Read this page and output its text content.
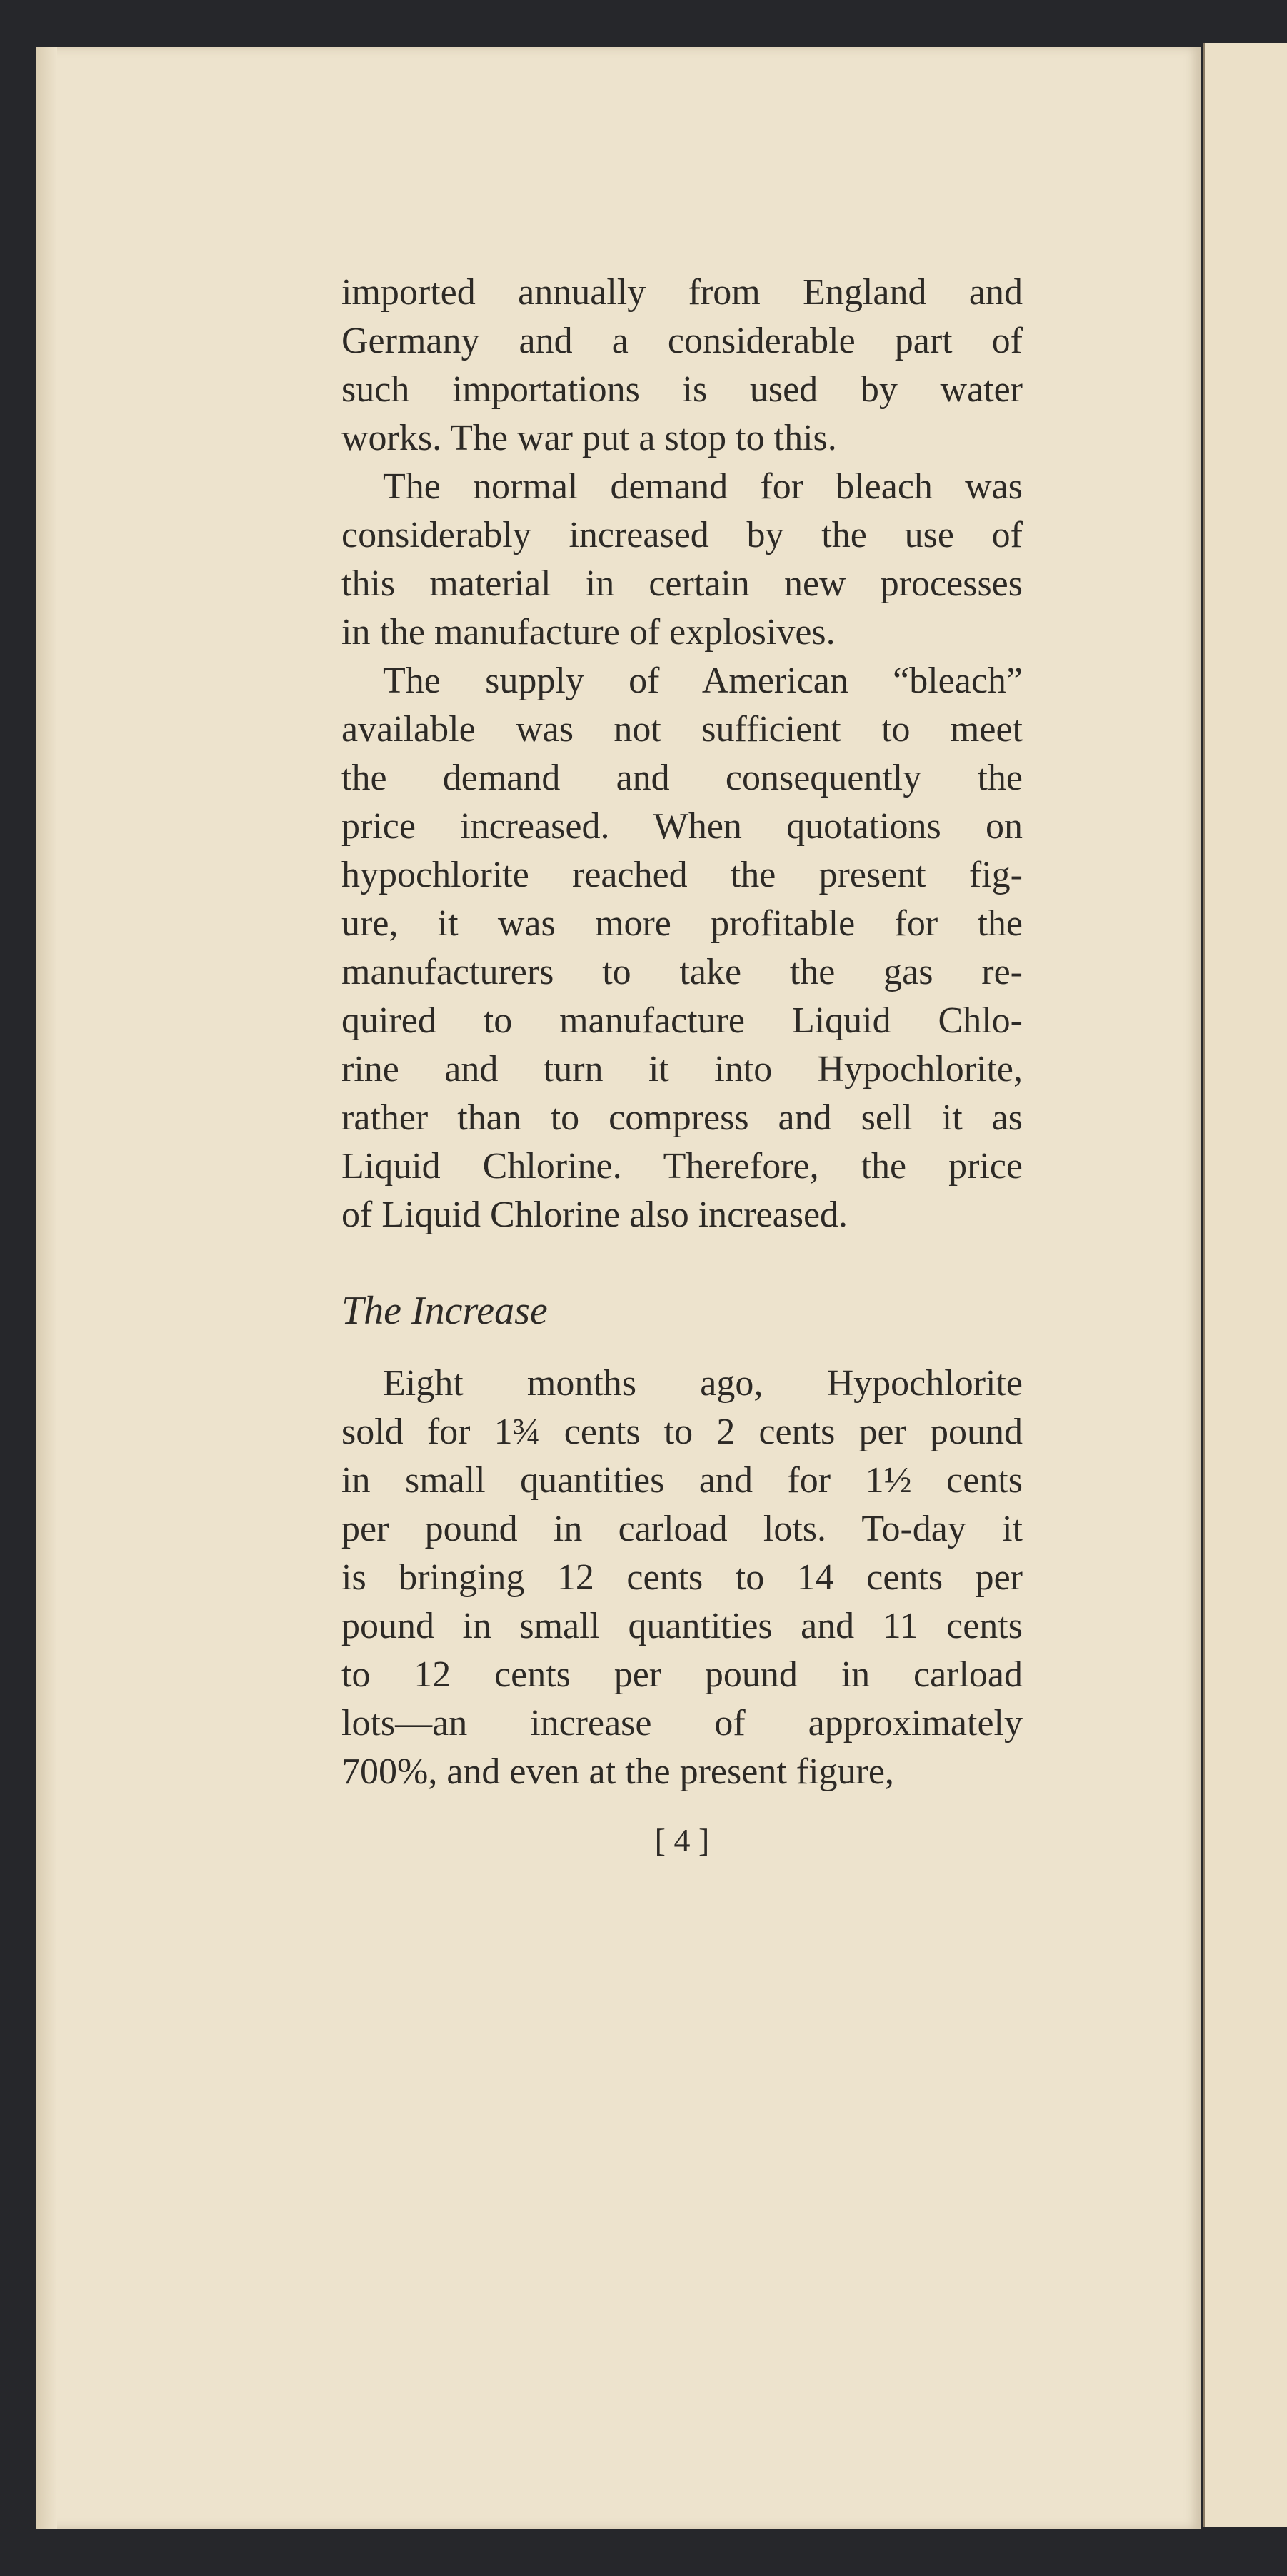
imported annually from England and
Germany and a considerable part of
such importations is used by water
works. The war put a stop to this.
The normal demand for bleach was
considerably increased by the use of
this material in certain new processes
in the manufacture of explosives.
The supply of American “bleach”
available was not sufficient to meet
the demand and consequently the
price increased. When quotations on
hypochlorite reached the present fig-
ure, it was more profitable for the
manufacturers to take the gas re-
quired to manufacture Liquid Chlo-
rine and turn it into Hypochlorite,
rather than to compress and sell it as
Liquid Chlorine. Therefore, the price
of Liquid Chlorine also increased.
The Increase
Eight months ago, Hypochlorite
sold for 1¾ cents to 2 cents per pound
in small quantities and for 1½ cents
per pound in carload lots. To-day it
is bringing 12 cents to 14 cents per
pound in small quantities and 11 cents
to 12 cents per pound in carload
lots—an increase of approximately
700%, and even at the present figure,
[ 4 ]
